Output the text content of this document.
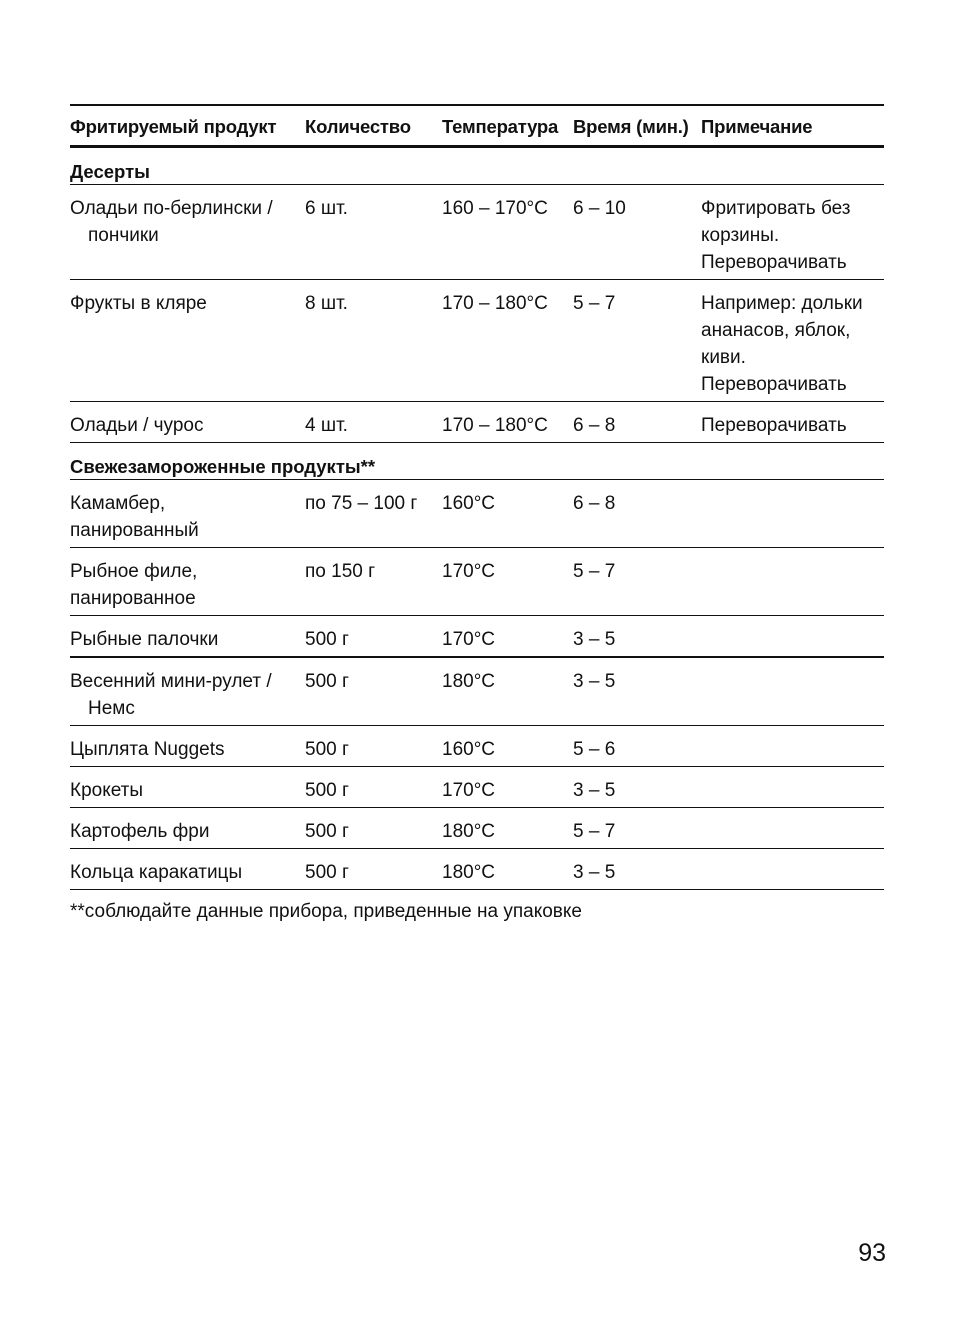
Фритируемый продукт	Количество	Температура	Время (мин.)	Примечание
Десерты				

Оладьи по-берлински /
пончики	6 шт.	160 – 170°C	6 – 10	Фритировать без
корзины.
Переворачивать

Фрукты в кляре	8 шт.	170 – 180°C	5 – 7	Например: дольки
ананасов, яблок,
киви.
Переворачивать

Оладьи / чурос	4 шт.	170 – 180°C	6 – 8	Переворачивать

Свежезамороженные продукты**				

Камамбер,
панированный	по 75 – 100 г	160°C	6 – 8	

Рыбное филе,
панированное	по 150 г	170°C	5 – 7	

Рыбные палочки	500 г	170°C	3 – 5	

Весенний мини-рулет /
Немс	500 г	180°C	3 – 5	

Цыплята Nuggets	500 г	160°C	5 – 6	

Крокеты	500 г	170°C	3 – 5	

Картофель фри	500 г	180°C	5 – 7	

Кольца каракатицы	500 г	180°C	3 – 5	
**соблюдайте данные прибора, приведенные на упаковке
93
